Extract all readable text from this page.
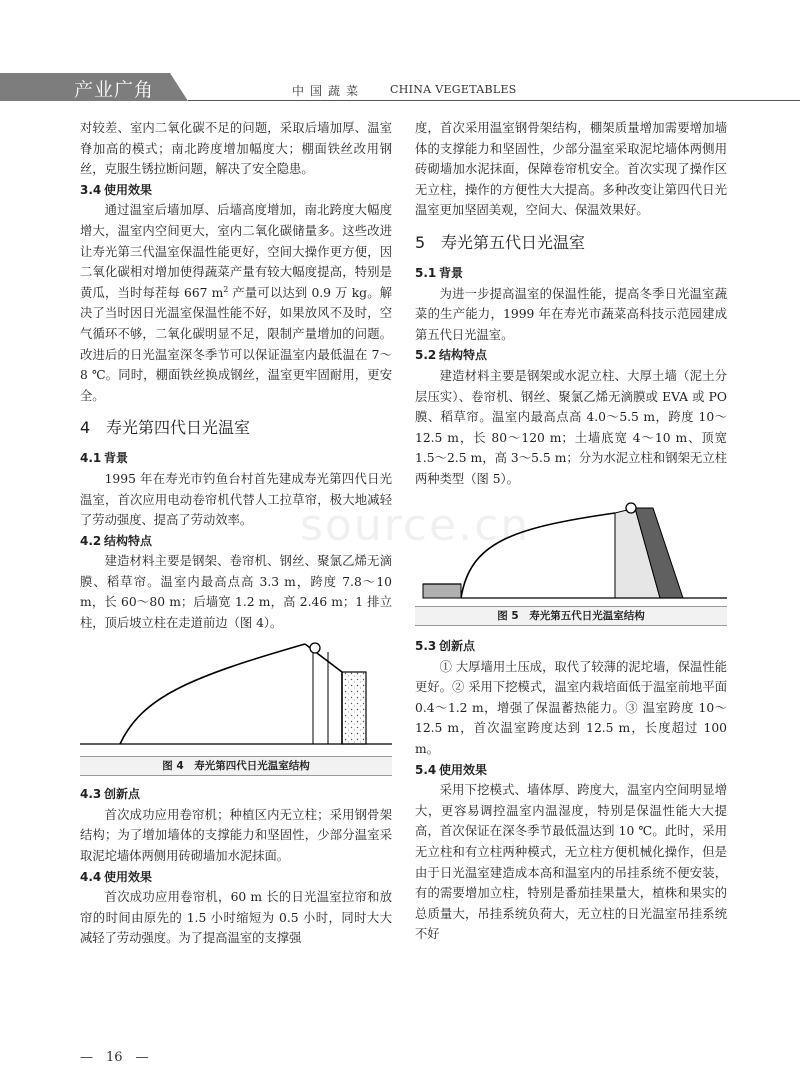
产业广角	中国蔬菜 CHINA VEGETABLES
source.cn

对较差、室内二氧化碳不足的问题，采取后墙加厚、温室脊加高的模式；南北跨度增加幅度大；棚面铁丝改用钢丝，克服生锈拉断问题，解决了安全隐患。

3.4 使用效果

通过温室后墙加厚、后墙高度增加，南北跨度大幅度增大，温室内空间更大，室内二氧化碳储量多。这些改进让寿光第三代温室保温性能更好，空间大操作更方便，因二氧化碳相对增加使得蔬菜产量有较大幅度提高，特别是黄瓜，当时每茬每 667 $m^2$ 产量可以达到 0.9 万 kg。解决了当时因日光温室保温性能不好，如果放风不及时，空气循环不够，二氧化碳明显不足，限制产量增加的问题。改进后的日光温室深冬季节可以保证温室内最低温在 7～8 ℃。同时，棚面铁丝换成钢丝，温室更牢固耐用，更安全。

4 寿光第四代日光温室
4.1 背景

1995 年在寿光市钓鱼台村首先建成寿光第四代日光温室，首次应用电动卷帘机代替人工拉草帘，极大地减轻了劳动强度、提高了劳动效率。

4.2 结构特点

建造材料主要是钢架、卷帘机、钢丝、聚氯乙烯无滴膜、稻草帘。温室内最高点高 3.3 m，跨度 7.8～10 m，长 60～80 m；后墙宽 1.2 m，高 2.46 m；1 排立柱，顶后坡立柱在走道前边（图 4）。

图 4　寿光第四代日光温室结构
4.3 创新点

首次成功应用卷帘机；种植区内无立柱；采用钢骨架结构；为了增加墙体的支撑能力和坚固性，少部分温室采取泥坨墙体两侧用砖砌墙加水泥抹面。

4.4 使用效果

首次成功应用卷帘机，60 m 长的日光温室拉帘和放帘的时间由原先的 1.5 小时缩短为 0.5 小时，同时大大减轻了劳动强度。为了提高温室的支撑强

度，首次采用温室钢骨架结构，棚架质量增加需要增加墙体的支撑能力和坚固性，少部分温室采取泥坨墙体两侧用砖砌墙加水泥抹面，保障卷帘机安全。首次实现了操作区无立柱，操作的方便性大大提高。多种改变让第四代日光温室更加坚固美观，空间大、保温效果好。

5 寿光第五代日光温室
5.1 背景

为进一步提高温室的保温性能，提高冬季日光温室蔬菜的生产能力，1999 年在寿光市蔬菜高科技示范园建成第五代日光温室。

5.2 结构特点

建造材料主要是钢架或水泥立柱、大厚土墙（泥土分层压实）、卷帘机、钢丝、聚氯乙烯无滴膜或 EVA 或 PO 膜、稻草帘。温室内最高点高 4.0～5.5 m，跨度 10～12.5 m，长 80～120 m；土墙底宽 4～10 m、顶宽 1.5～2.5 m，高 3～5.5 m；分为水泥立柱和钢架无立柱两种类型（图 5）。

图 5　寿光第五代日光温室结构
5.3 创新点

① 大厚墙用土压成，取代了较薄的泥坨墙，保温性能更好。② 采用下挖模式，温室内栽培面低于温室前地平面 0.4～1.2 m，增强了保温蓄热能力。③ 温室跨度 10～12.5 m，首次温室跨度达到 12.5 m，长度超过 100 m。

5.4 使用效果

采用下挖模式、墙体厚、跨度大，温室内空间明显增大，更容易调控温室内温湿度，特别是保温性能大大提高，首次保证在深冬季节最低温达到 10 ℃。此时，采用无立柱和有立柱两种模式，无立柱方便机械化操作，但是由于日光温室建造成本高和温室内的吊挂系统不便安装，有的需要增加立柱，特别是番茄挂果量大，植株和果实的总质量大，吊挂系统负荷大，无立柱的日光温室吊挂系统不好

—　16　—
